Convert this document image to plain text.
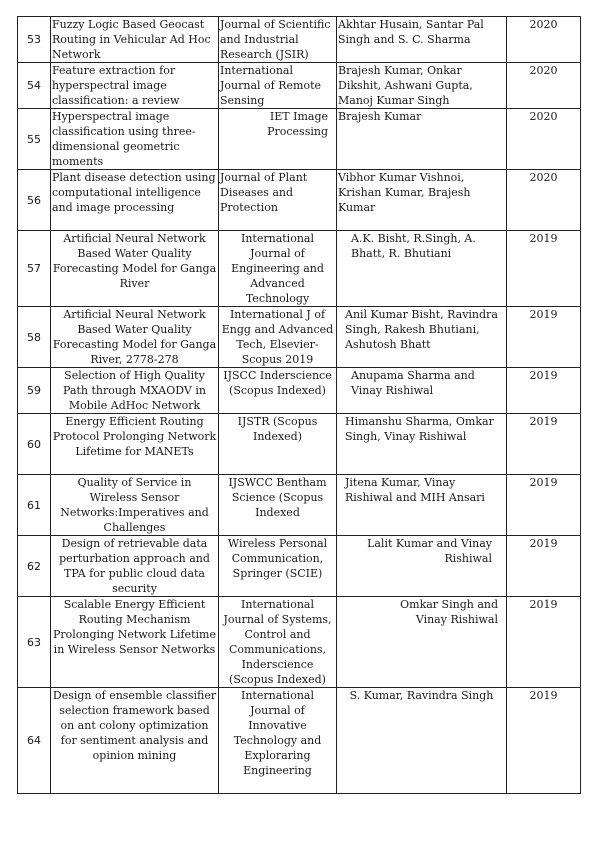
53	Fuzzy Logic Based Geocast Routing in Vehicular Ad Hoc Network	Journal of Scientific and Industrial Research (JSIR)	Akhtar Husain, Santar Pal Singh and S. C. Sharma	2020
54	Feature extraction for hyperspectral image classification: a review	International Journal of Remote Sensing	Brajesh Kumar, Onkar Dikshit, Ashwani Gupta, Manoj Kumar Singh	2020
55	Hyperspectral image classification using three-dimensional geometric moments	IET Image Processing	Brajesh Kumar	2020
56	Plant disease detection using computational intelligence and image processing	Journal of Plant Diseases and Protection	Vibhor Kumar Vishnoi, Krishan Kumar, Brajesh Kumar	2020
57	Artificial Neural Network Based Water Quality Forecasting Model for Ganga River	International Journal of Engineering and Advanced Technology	A.K. Bisht, R.Singh, A. Bhatt, R. Bhutiani	2019
58	Artificial Neural Network Based Water Quality Forecasting Model for Ganga River, 2778-278	International J of Engg and Advanced Tech, Elsevier-Scopus 2019	Anil Kumar Bisht, Ravindra Singh, Rakesh Bhutiani, Ashutosh Bhatt	2019
59	Selection of High Quality Path through MXAODV in Mobile AdHoc Network	IJSCC Inderscience (Scopus Indexed)	Anupama Sharma and Vinay Rishiwal	2019
60	Energy Efficient Routing Protocol Prolonging Network Lifetime for MANETs	IJSTR (Scopus Indexed)	Himanshu Sharma, Omkar Singh, Vinay Rishiwal	2019
61	Quality of Service in Wireless Sensor Networks:Imperatives and Challenges	IJSWCC Bentham Science (Scopus Indexed	Jitena Kumar, Vinay Rishiwal and MIH Ansari	2019
62	Design of retrievable data perturbation approach and TPA for public cloud data security	Wireless Personal Communication, Springer (SCIE)	Lalit Kumar and Vinay Rishiwal	2019
63	Scalable Energy Efficient Routing Mechanism Prolonging Network Lifetime in Wireless Sensor Networks	International Journal of Systems, Control and Communications, Inderscience (Scopus Indexed)	Omkar Singh and Vinay Rishiwal	2019
64	Design of ensemble classifier selection framework based on ant colony optimization for sentiment analysis and opinion mining	International Journal of Innovative Technology and Exploraring Engineering	S. Kumar, Ravindra Singh	2019
